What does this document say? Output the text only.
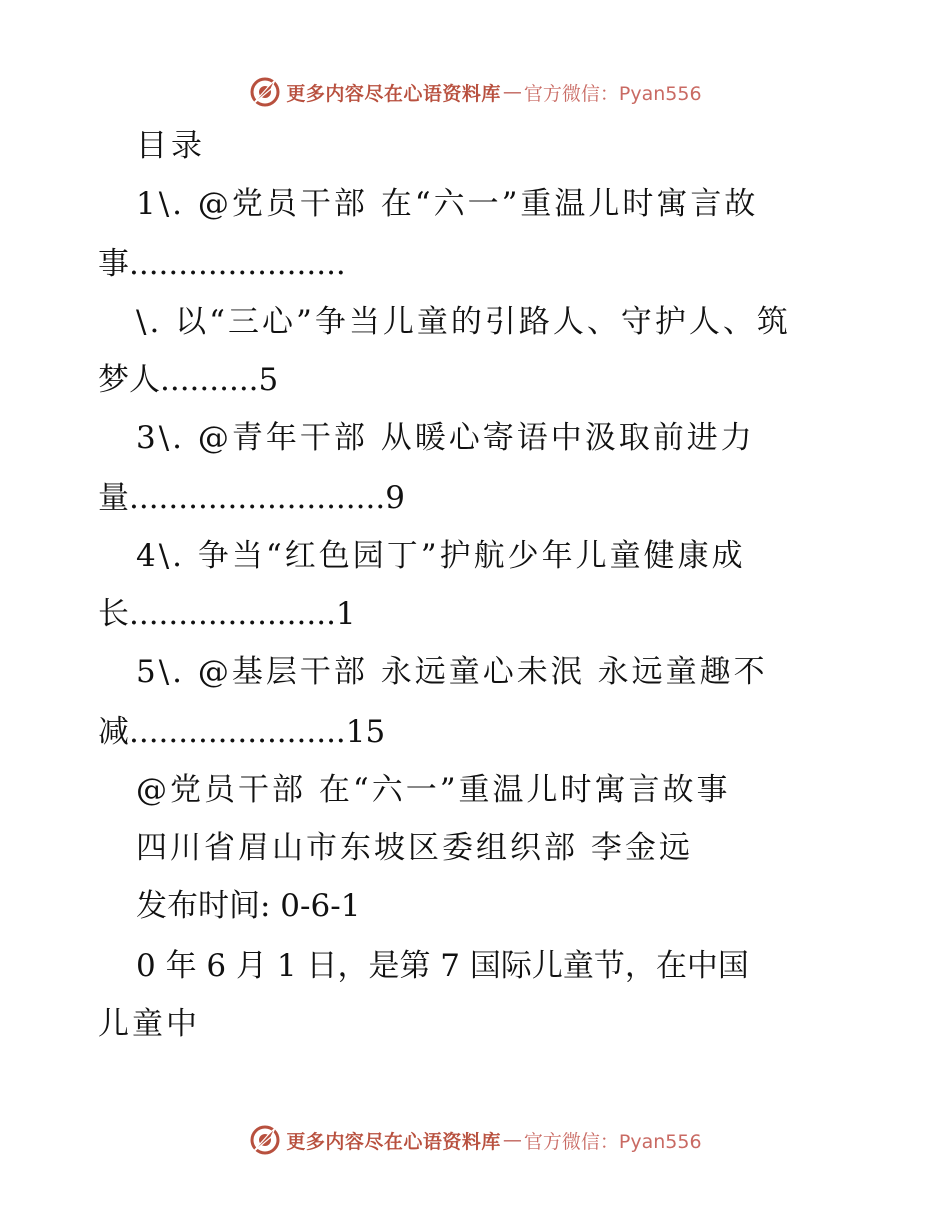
更多内容尽在心语资料库 — 官方微信：Pyan556
目录
1\. @党员干部 在“六一”重温儿时寓言故
事......................
\. 以“三心”争当儿童的引路人、守护人、筑
梦人..........5
3\. @青年干部 从暖心寄语中汲取前进力
量..........................9
4\. 争当“红色园丁”护航少年儿童健康成
长.....................1
5\. @基层干部 永远童心未泯 永远童趣不
减......................15
@党员干部 在“六一”重温儿时寓言故事
四川省眉山市东坡区委组织部 李金远
发布时间: 0-6-1
0 年 6 月 1 日，是第 7 国际儿童节，在中国
儿童中
更多内容尽在心语资料库 — 官方微信：Pyan556
